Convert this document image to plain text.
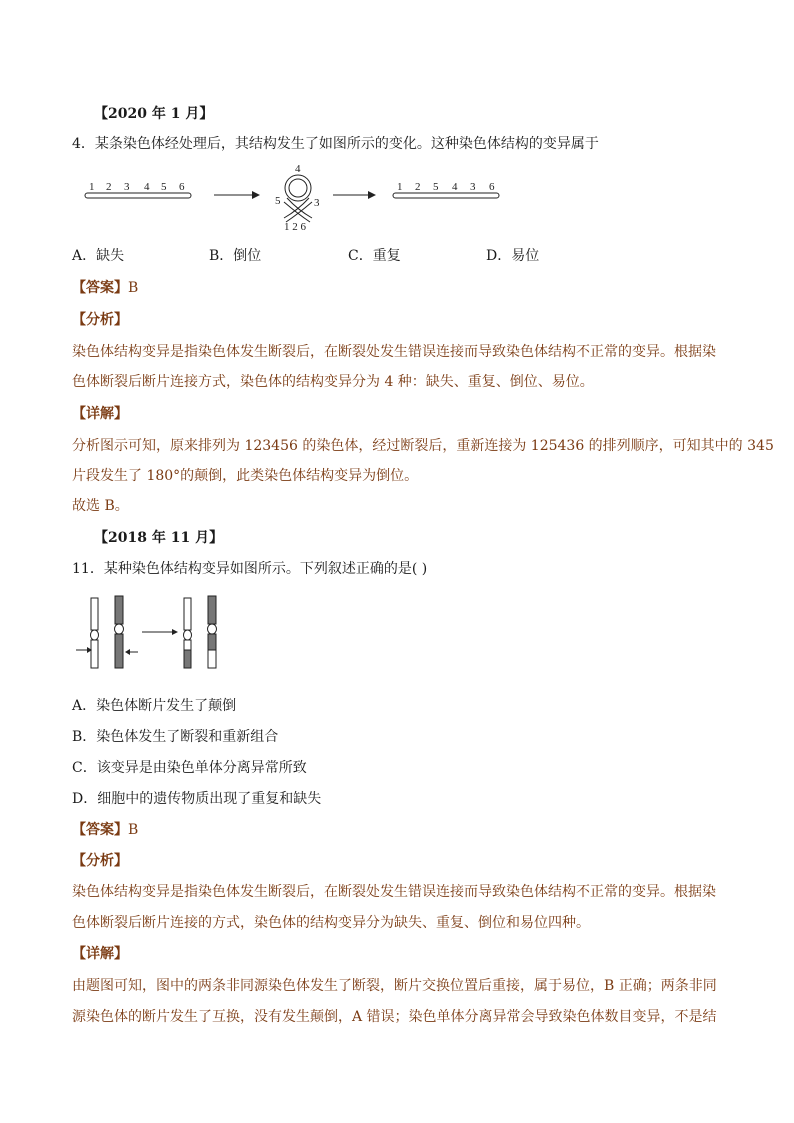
【2020 年 1 月】
4．某条染色体经处理后，其结构发生了如图所示的变化。这种染色体结构的变异属于
1 2 3 4 5 6
4
5	3
1 2 6
1 2 5 4 3 6
A．缺失	B．倒位	C．重复	D．易位
【答案】B
【分析】
染色体结构变异是指染色体发生断裂后，在断裂处发生错误连接而导致染色体结构不正常的变异。根据染
色体断裂后断片连接方式，染色体的结构变异分为 4 种：缺失、重复、倒位、易位。
【详解】
分析图示可知，原来排列为 123456 的染色体，经过断裂后，重新连接为 125436 的排列顺序，可知其中的 345
片段发生了 180°的颠倒，此类染色体结构变异为倒位。
故选 B。
【2018 年 11 月】
11．某种染色体结构变异如图所示。下列叙述正确的是( )
A．染色体断片发生了颠倒
B．染色体发生了断裂和重新组合
C．该变异是由染色单体分离异常所致
D．细胞中的遗传物质出现了重复和缺失
【答案】B
【分析】
染色体结构变异是指染色体发生断裂后，在断裂处发生错误连接而导致染色体结构不正常的变异。根据染
色体断裂后断片连接的方式，染色体的结构变异分为缺失、重复、倒位和易位四种。
【详解】
由题图可知，图中的两条非同源染色体发生了断裂，断片交换位置后重接，属于易位，B 正确；两条非同
源染色体的断片发生了互换，没有发生颠倒，A 错误；染色单体分离异常会导致染色体数目变异，不是结
